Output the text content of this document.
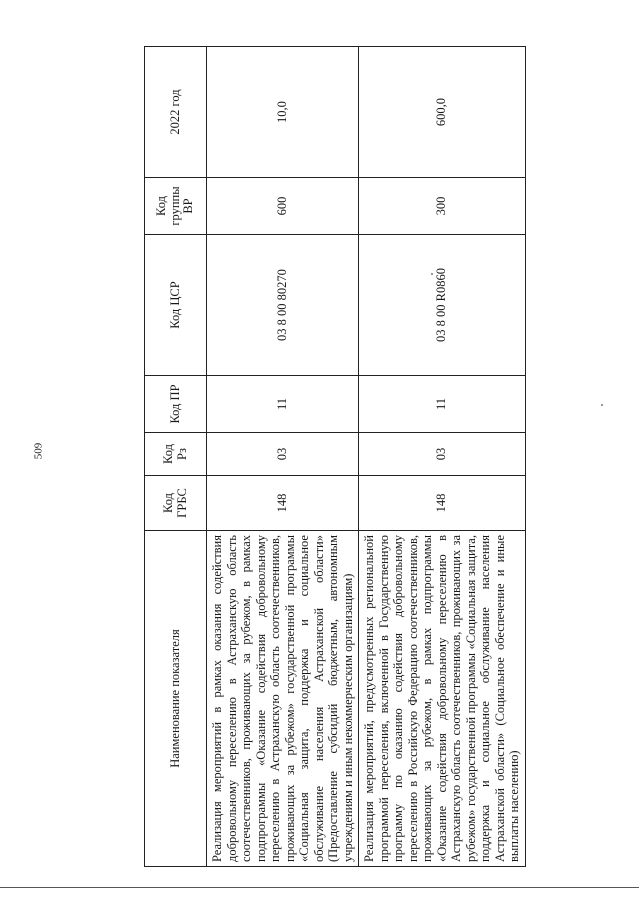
509
Наименование показателя	Код ГРБС	Код Рз	Код ПР	Код ЦСР	Код группы ВР	2022 год
Реализация мероприятий в рамках оказания содействия добровольному переселению в Астраханскую область соотечественников, проживающих за рубежом, в рамках подпрограммы «Оказание содействия добровольному переселению в Астраханскую область соотечественников, проживающих за рубежом» государственной программы «Социальная защита, поддержка и социальное обслуживание населения Астраханской области» (Предоставление субсидий бюджетным, автономным учреждениям и иным некоммерческим организациям)	148	03	11	03 8 00 80270	600	10,0
Реализация мероприятий, предусмотренных региональной программой переселения, включенной в Государственную программу по оказанию содействия добровольному переселению в Российскую Федерацию соотечественников, проживающих за рубежом, в рамках подпрограммы «Оказание содействия добровольному переселению в Астраханскую область соотечественников, проживающих за рубежом» государственной программы «Социальная защита, поддержка и социальное обслуживание населения Астраханской области» (Социальное обеспечение и иные выплаты населению)	148	03	11	03 8 00 R0860	300	600,0
